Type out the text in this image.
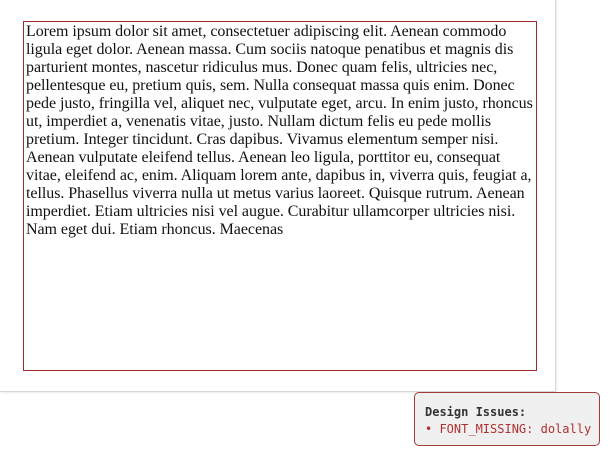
Lorem ipsum dolor sit amet, consectetuer adipiscing elit. Aenean commodo ligula eget dolor. Aenean massa. Cum sociis natoque penatibus et magnis dis parturient montes, nascetur ridiculus mus. Donec quam felis, ultricies nec, pellentesque eu, pretium quis, sem. Nulla consequat massa quis enim. Donec pede justo, fringilla vel, aliquet nec, vulputate eget, arcu. In enim justo, rhoncus ut, imperdiet a, venenatis vitae, justo. Nullam dictum felis eu pede mollis pretium. Integer tincidunt. Cras dapibus. Vivamus elementum semper nisi. Aenean vulputate eleifend tellus. Aenean leo ligula, porttitor eu, consequat vitae, eleifend ac, enim. Aliquam lorem ante, dapibus in, viverra quis, feugiat a, tellus. Phasellus viverra nulla ut metus varius laoreet. Quisque rutrum. Aenean imperdiet. Etiam ultricies nisi vel augue. Curabitur ullamcorper ultricies nisi. Nam eget dui. Etiam rhoncus. Maecenas

Design Issues:
• FONT_MISSING: dolally
